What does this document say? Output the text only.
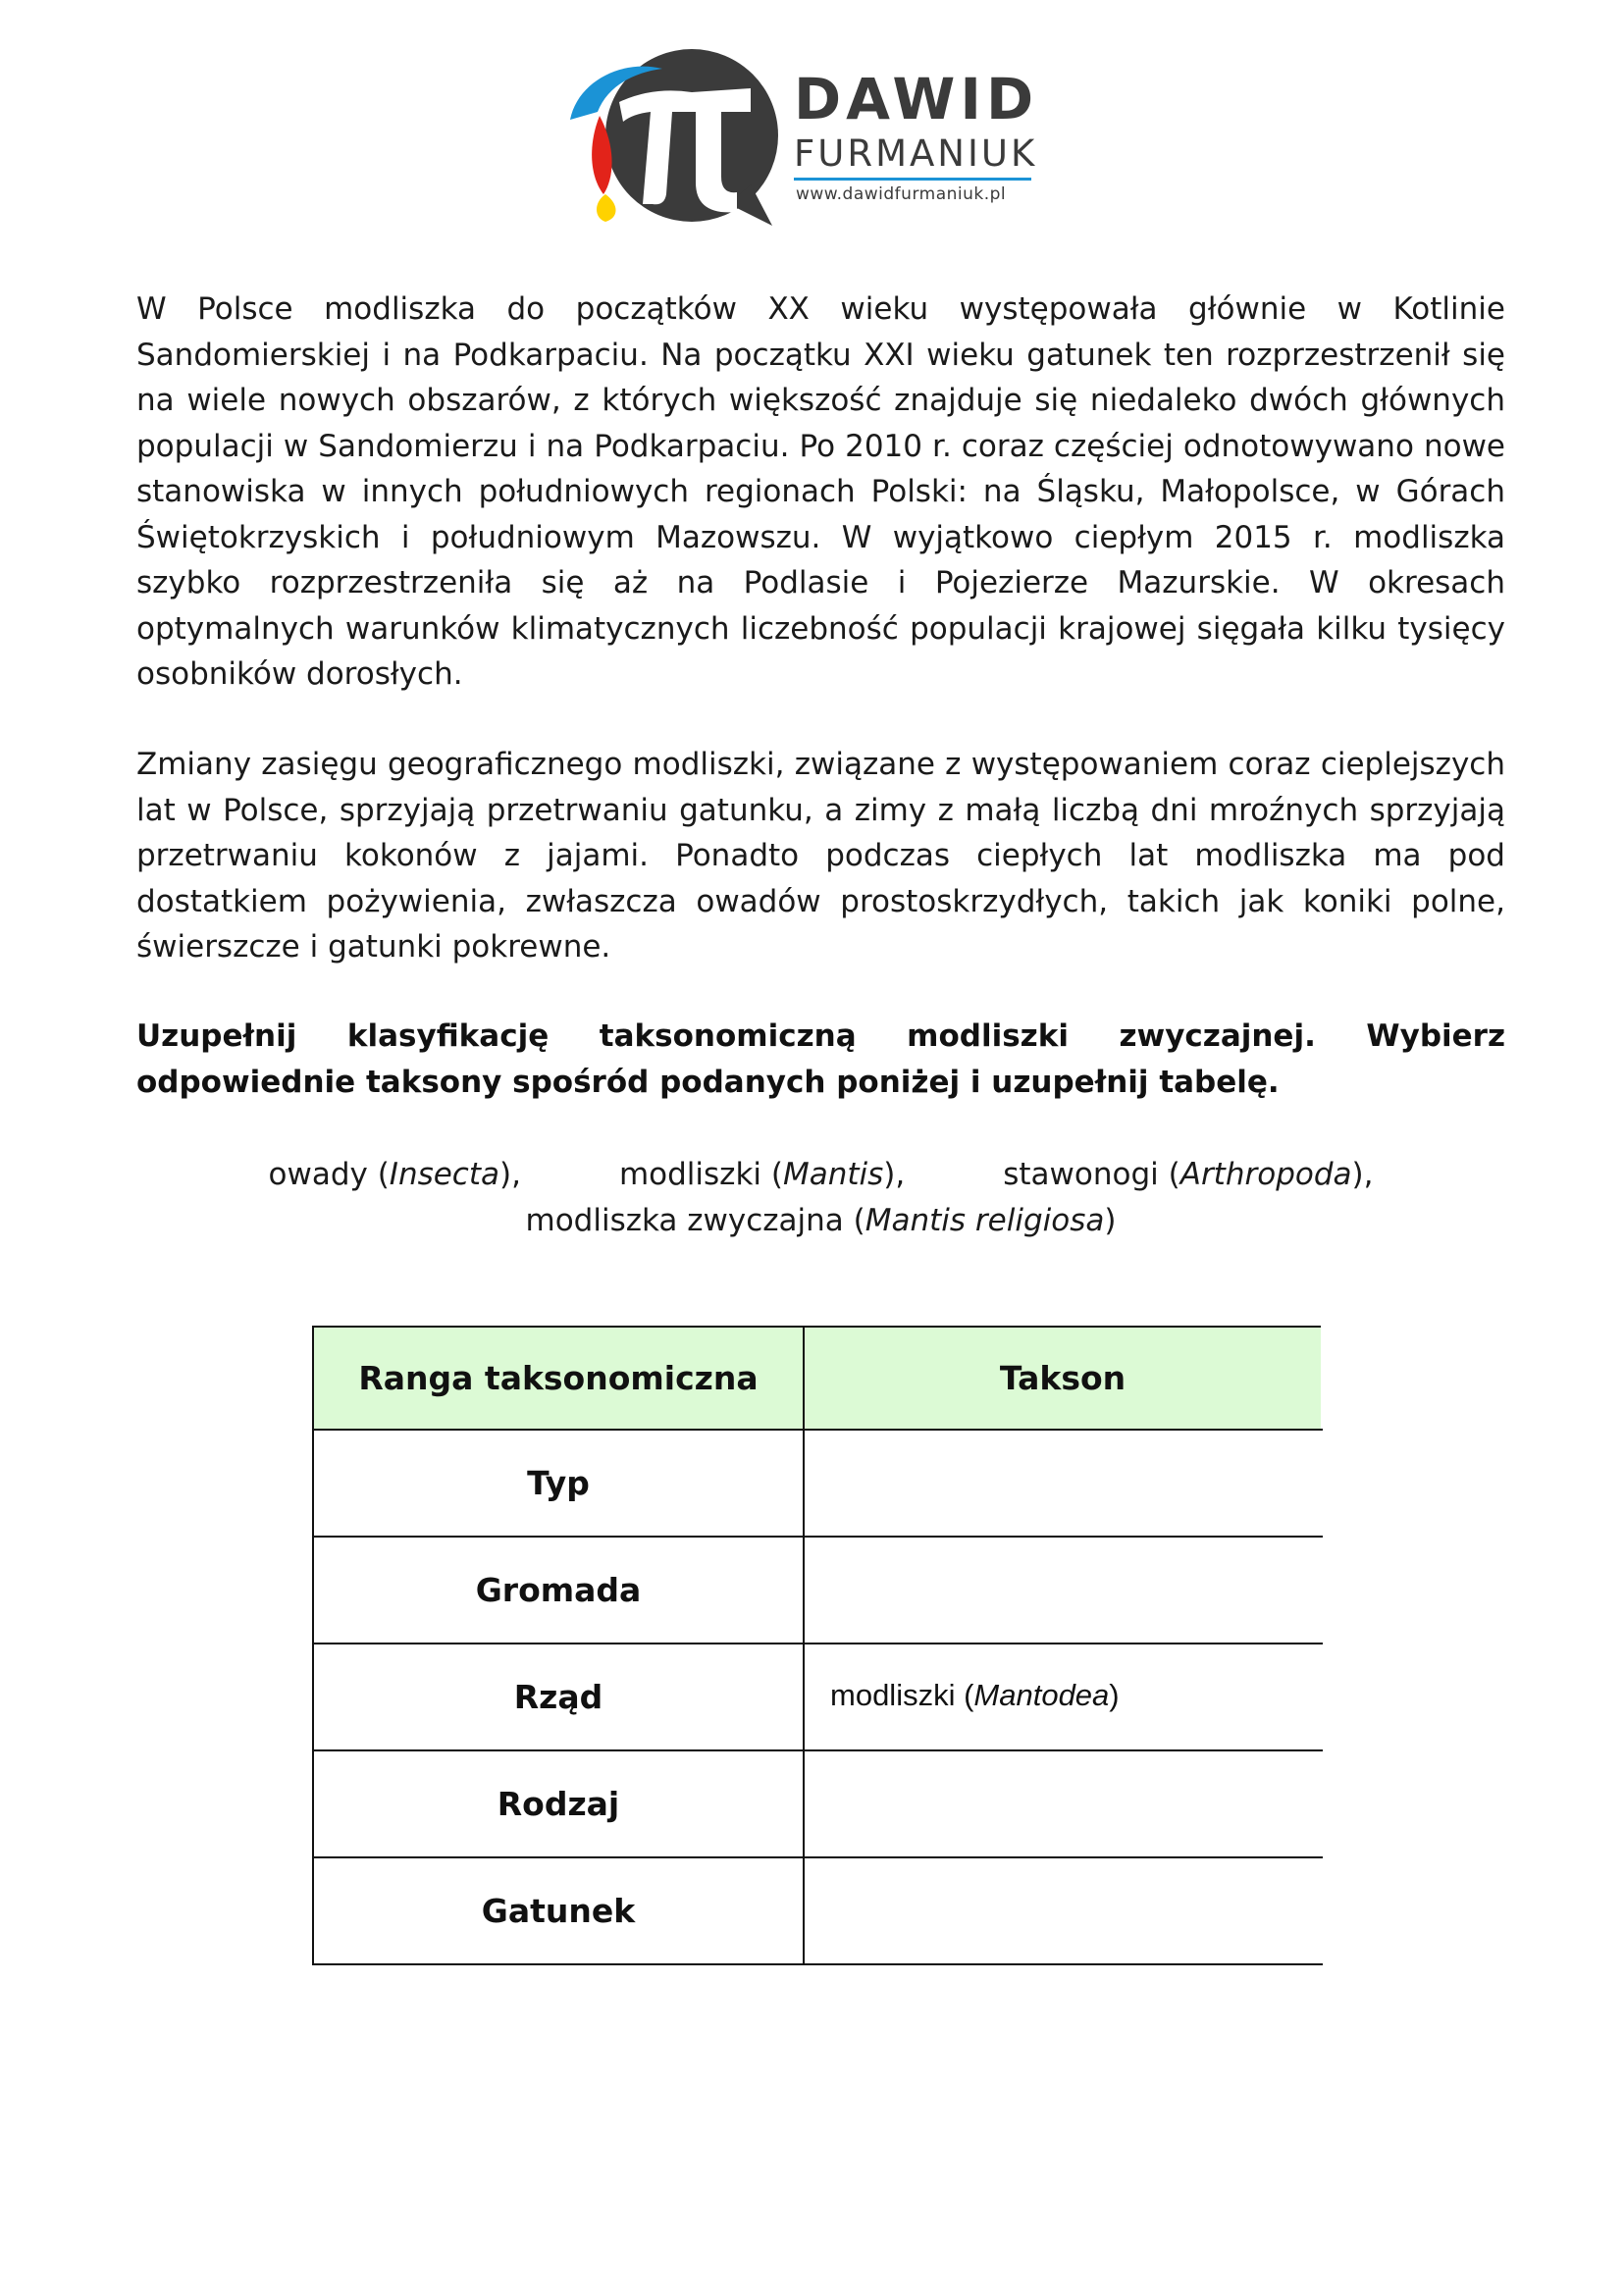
DAWID
FURMANIUK
www.dawidfurmaniuk.pl

W Polsce modliszka do początków XX wieku występowała głównie w Kotlinie Sandomierskiej i na Podkarpaciu. Na początku XXI wieku gatunek ten rozprzestrzenił się na wiele nowych obszarów, z których większość znajduje się niedaleko dwóch głównych populacji w Sandomierzu i na Podkarpaciu. Po 2010 r. coraz częściej odnotowywano nowe stanowiska w innych południowych regionach Polski: na Śląsku, Małopolsce, w Górach Świętokrzyskich i południowym Mazowszu. W wyjątkowo ciepłym 2015 r. modliszka szybko rozprzestrzeniła się aż na Podlasie i Pojezierze Mazurskie. W okresach optymalnych warunków klimatycznych liczebność populacji krajowej sięgała kilku tysięcy osobników dorosłych.

Zmiany zasięgu geograficznego modliszki, związane z występowaniem coraz cieplejszych lat w Polsce, sprzyjają przetrwaniu gatunku, a zimy z małą liczbą dni mroźnych sprzyjają przetrwaniu kokonów z jajami. Ponadto podczas ciepłych lat modliszka ma pod dostatkiem pożywienia, zwłaszcza owadów prostoskrzydłych, takich jak koniki polne, świerszcze i gatunki pokrewne.

Uzupełnij klasyfikację taksonomiczną modliszki zwyczajnej. Wybierz odpowiednie taksony spośród podanych poniżej i uzupełnij tabelę.

owady (Insecta),	modliszki (Mantis),	stawonogi (Arthropoda),
modliszka zwyczajna (Mantis religiosa)
Ranga taksonomiczna	Takson
Typ	
Gromada	
Rząd	modliszki (Mantodea)
Rodzaj	
Gatunek	
